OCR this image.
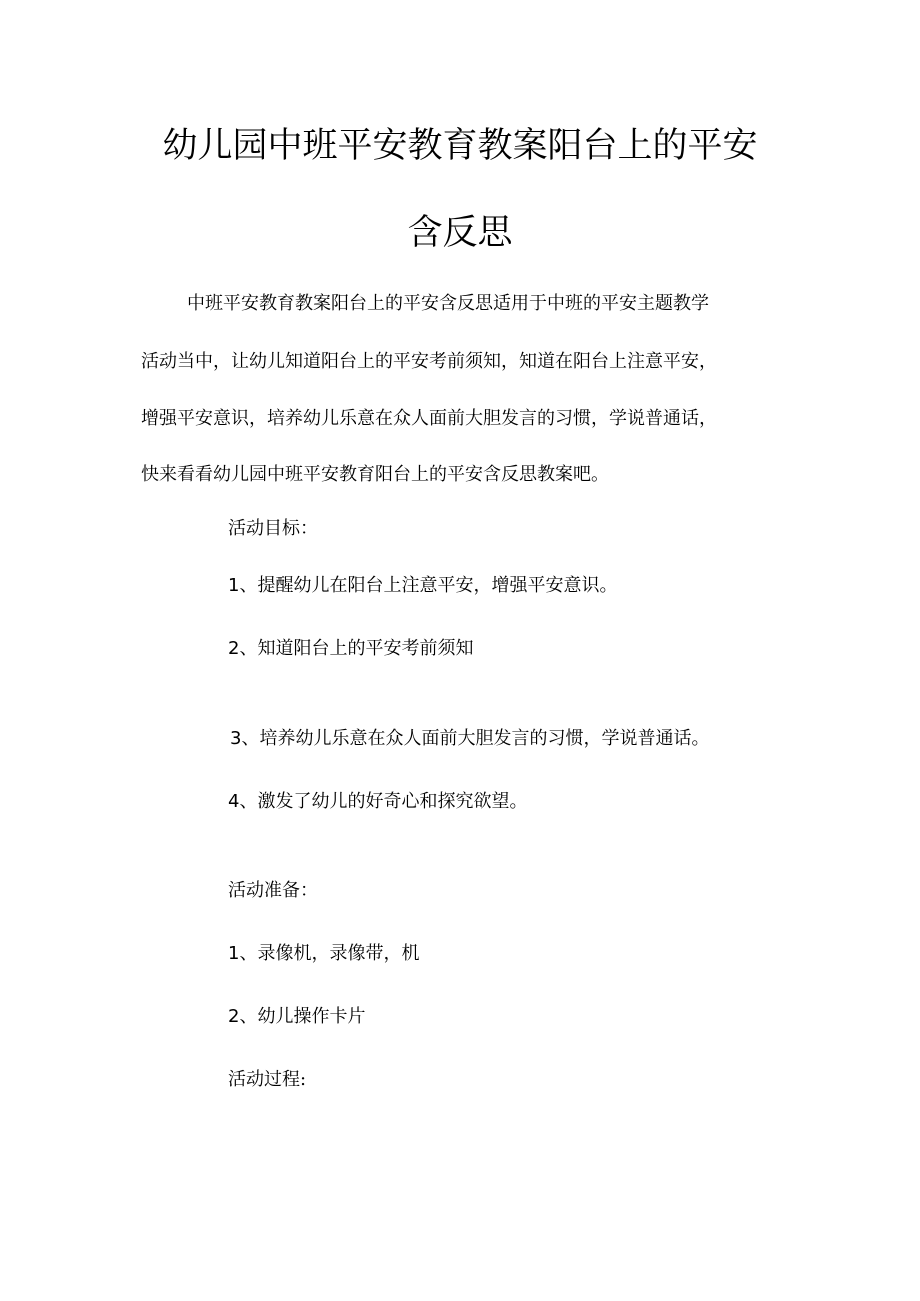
幼儿园中班平安教育教案阳台上的平安
含反思
中班平安教育教案阳台上的平安含反思适用于中班的平安主题教学
活动当中，让幼儿知道阳台上的平安考前须知，知道在阳台上注意平安，
增强平安意识，培养幼儿乐意在众人面前大胆发言的习惯，学说普通话，
快来看看幼儿园中班平安教育阳台上的平安含反思教案吧。
活动目标：
1、提醒幼儿在阳台上注意平安，增强平安意识。
2、知道阳台上的平安考前须知
3、培养幼儿乐意在众人面前大胆发言的习惯，学说普通话。
4、激发了幼儿的好奇心和探究欲望。
活动准备：
1、录像机，录像带，机
2、幼儿操作卡片
活动过程:
